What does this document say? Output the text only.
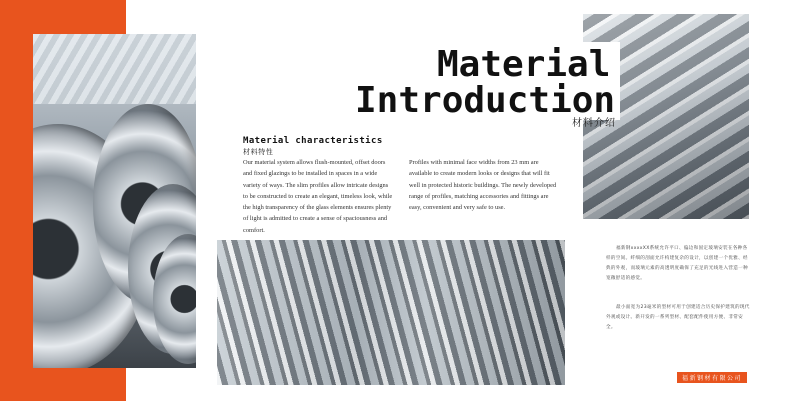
Material
Introduction
材料介绍
Material characteristics
材料特性
Our material system allows flush-mounted, offset doors and fixed glazings to be installed in spaces in a wide variety of ways. The slim profiles allow intricate designs to be constructed to create an elegant, timeless look, while the high transparency of the glass elements ensures plenty of light is admitted to create a sense of spaciousness and comfort.
Profiles with minimal face widths from 23 mm are available to create modern looks or designs that will fit well in protected historic buildings. The newly developed range of profiles, matching accessories and fittings are easy, convenient and very safe to use.
福新钢xxxxXX系统允许平口、偏边和固定玻璃安装在各种各样的空间。纤细的剖面允许构建复杂的设计，以创建一个优雅、经典的外观，而玻璃元素的高透明度确保了充足的光线进入营造一种宽敞舒适的感觉。
最小面宽为23毫米的型材可用于创建适合历史保护建筑的现代外观或设计。新开发的一系列型材、配套配件使用方便、非常安全。
福新钢材有限公司
